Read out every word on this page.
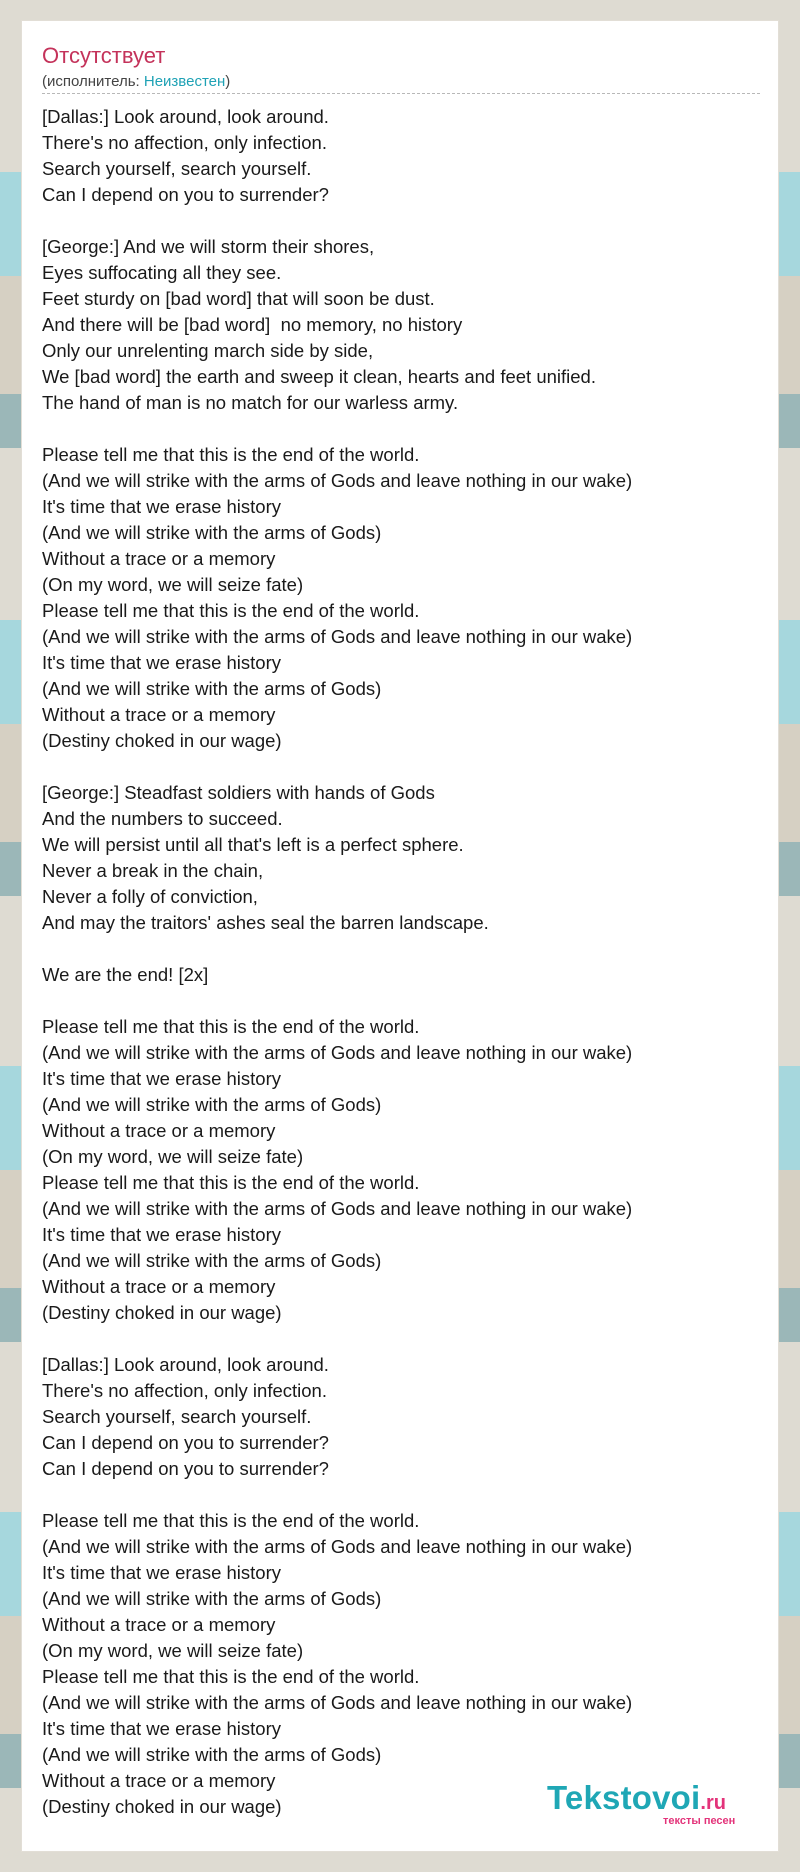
Отсутствует
(исполнитель: Неизвестен)
[Dallas:] Look around, look around.
There's no affection, only infection.
Search yourself, search yourself.
Can I depend on you to surrender?
[George:] And we will storm their shores,
Eyes suffocating all they see.
Feet sturdy on [bad word] that will soon be dust.
And there will be [bad word]  no memory, no history
Only our unrelenting march side by side,
We [bad word] the earth and sweep it clean, hearts and feet unified.
The hand of man is no match for our warless army.
Please tell me that this is the end of the world.
(And we will strike with the arms of Gods and leave nothing in our wake)
It's time that we erase history
(And we will strike with the arms of Gods)
Without a trace or a memory
(On my word, we will seize fate)
Please tell me that this is the end of the world.
(And we will strike with the arms of Gods and leave nothing in our wake)
It's time that we erase history
(And we will strike with the arms of Gods)
Without a trace or a memory
(Destiny choked in our wage)
[George:] Steadfast soldiers with hands of Gods
And the numbers to succeed.
We will persist until all that's left is a perfect sphere.
Never a break in the chain,
Never a folly of conviction,
And may the traitors' ashes seal the barren landscape.
We are the end! [2x]
Please tell me that this is the end of the world.
(And we will strike with the arms of Gods and leave nothing in our wake)
It's time that we erase history
(And we will strike with the arms of Gods)
Without a trace or a memory
(On my word, we will seize fate)
Please tell me that this is the end of the world.
(And we will strike with the arms of Gods and leave nothing in our wake)
It's time that we erase history
(And we will strike with the arms of Gods)
Without a trace or a memory
(Destiny choked in our wage)
[Dallas:] Look around, look around.
There's no affection, only infection.
Search yourself, search yourself.
Can I depend on you to surrender?
Can I depend on you to surrender?
Please tell me that this is the end of the world.
(And we will strike with the arms of Gods and leave nothing in our wake)
It's time that we erase history
(And we will strike with the arms of Gods)
Without a trace or a memory
(On my word, we will seize fate)
Please tell me that this is the end of the world.
(And we will strike with the arms of Gods and leave nothing in our wake)
It's time that we erase history
(And we will strike with the arms of Gods)
Without a trace or a memory
(Destiny choked in our wage)	Tekstovoi.ru
тексты песен
